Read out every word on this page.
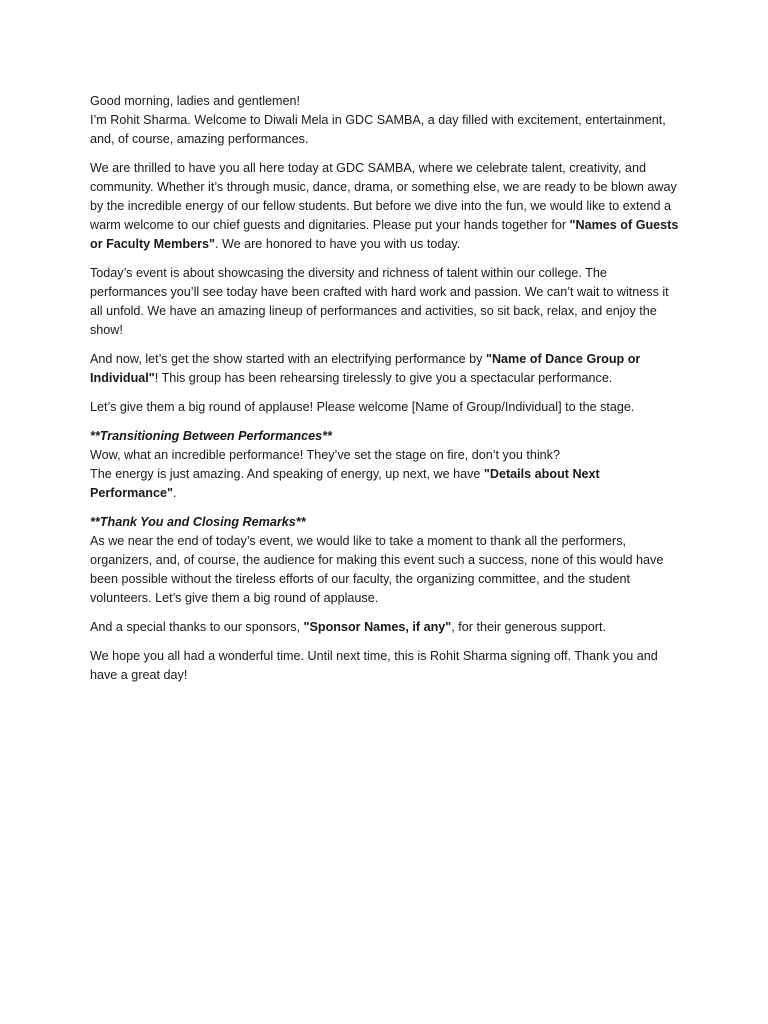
Good morning, ladies and gentlemen!
I’m Rohit Sharma. Welcome to Diwali Mela in GDC SAMBA, a day filled with excitement, entertainment, and, of course, amazing performances.

We are thrilled to have you all here today at GDC SAMBA, where we celebrate talent, creativity, and community. Whether it’s through music, dance, drama, or something else, we are ready to be blown away by the incredible energy of our fellow students. But before we dive into the fun, we would like to extend a warm welcome to our chief guests and dignitaries. Please put your hands together for "Names of Guests or Faculty Members". We are honored to have you with us today.

Today’s event is about showcasing the diversity and richness of talent within our college. The performances you’ll see today have been crafted with hard work and passion. We can’t wait to witness it all unfold. We have an amazing lineup of performances and activities, so sit back, relax, and enjoy the show!

And now, let’s get the show started with an electrifying performance by "Name of Dance Group or Individual"! This group has been rehearsing tirelessly to give you a spectacular performance.

Let’s give them a big round of applause! Please welcome [Name of Group/Individual] to the stage.

**Transitioning Between Performances**
Wow, what an incredible performance! They’ve set the stage on fire, don’t you think?
The energy is just amazing. And speaking of energy, up next, we have "Details about Next Performance".

**Thank You and Closing Remarks**
As we near the end of today’s event, we would like to take a moment to thank all the performers, organizers, and, of course, the audience for making this event such a success, none of this would have been possible without the tireless efforts of our faculty, the organizing committee, and the student volunteers. Let’s give them a big round of applause.

And a special thanks to our sponsors, "Sponsor Names, if any", for their generous support.

We hope you all had a wonderful time. Until next time, this is Rohit Sharma signing off. Thank you and have a great day!
